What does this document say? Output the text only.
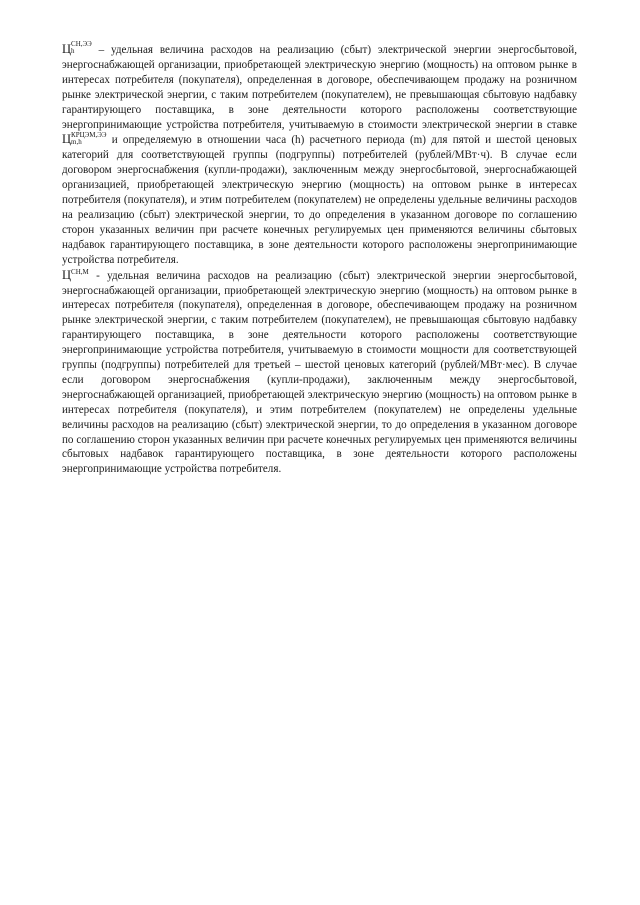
Ц СН,ЭЭ
h	– удельная величина расходов на реализацию (сбыт) электрической энергии энергосбытовой, энергоснабжающей организации, приобретающей электрическую энергию (мощность) на оптовом рынке в интересах потребителя (покупателя), определенная в договоре, обеспечивающем продажу на розничном рынке электрической энергии, с таким потребителем (покупателем), не превышающая сбытовую надбавку гарантирующего поставщика, в зоне деятельности которого расположены соответствующие энергопринимающие устройства потребителя, учитываемую в стоимости электрической энергии в ставке Ц КРЦЭМ,ЭЭ
m,h	и определяемую в отношении часа (h) расчетного периода (m) для пятой и шестой ценовых категорий для соответствующей группы (подгруппы) потребителей (рублей/МВт·ч). В случае если договором энергоснабжения (купли-продажи), заключенным между энергосбытовой, энергоснабжающей организацией, приобретающей электрическую энергию (мощность) на оптовом рынке в интересах потребителя (покупателя), и этим потребителем (покупателем) не определены удельные величины расходов на реализацию (сбыт) электрической энергии, то до определения в указанном договоре по соглашению сторон указанных величин при расчете конечных регулируемых цен применяются величины сбытовых надбавок гарантирующего поставщика, в зоне деятельности которого расположены энергопринимающие устройства потребителя.

$Ц^{СН,М}$ - удельная величина расходов на реализацию (сбыт) электрической энергии энергосбытовой, энергоснабжающей организации, приобретающей электрическую энергию (мощность) на оптовом рынке в интересах потребителя (покупателя), определенная в договоре, обеспечивающем продажу на розничном рынке электрической энергии, с таким потребителем (покупателем), не превышающая сбытовую надбавку гарантирующего поставщика, в зоне деятельности которого расположены соответствующие энергопринимающие устройства потребителя, учитываемую в стоимости мощности для соответствующей группы (подгруппы) потребителей для третьей – шестой ценовых категорий (рублей/МВт·мес). В случае если договором энергоснабжения (купли-продажи), заключенным между энергосбытовой, энергоснабжающей организацией, приобретающей электрическую энергию (мощность) на оптовом рынке в интересах потребителя (покупателя), и этим потребителем (покупателем) не определены удельные величины расходов на реализацию (сбыт) электрической энергии, то до определения в указанном договоре по соглашению сторон указанных величин при расчете конечных регулируемых цен применяются величины сбытовых надбавок гарантирующего поставщика, в зоне деятельности которого расположены энергопринимающие устройства потребителя.
